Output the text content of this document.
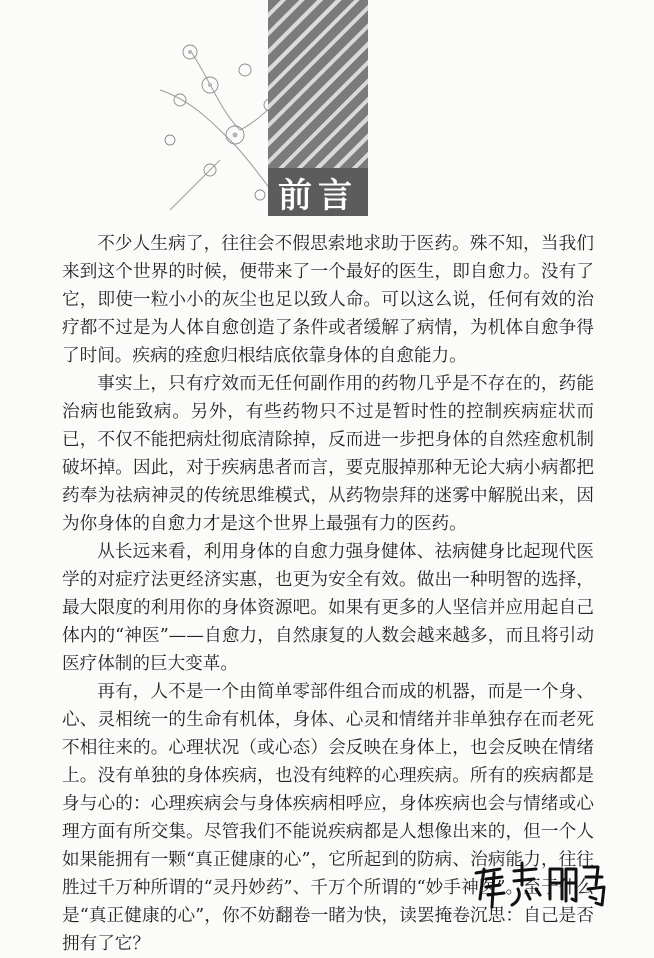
前言

不少人生病了，往往会不假思索地求助于医药。殊不知，当我们来到这个世界的时候，便带来了一个最好的医生，即自愈力。没有了它，即使一粒小小的灰尘也足以致人命。可以这么说，任何有效的治疗都不过是为人体自愈创造了条件或者缓解了病情，为机体自愈争得了时间。疾病的痊愈归根结底依靠身体的自愈能力。

事实上，只有疗效而无任何副作用的药物几乎是不存在的，药能治病也能致病。另外，有些药物只不过是暂时性的控制疾病症状而已，不仅不能把病灶彻底清除掉，反而进一步把身体的自然痊愈机制破坏掉。因此，对于疾病患者而言，要克服掉那种无论大病小病都把药奉为祛病神灵的传统思维模式，从药物崇拜的迷雾中解脱出来，因为你身体的自愈力才是这个世界上最强有力的医药。

从长远来看，利用身体的自愈力强身健体、祛病健身比起现代医学的对症疗法更经济实惠，也更为安全有效。做出一种明智的选择，最大限度的利用你的身体资源吧。如果有更多的人坚信并应用起自己体内的“神医”——自愈力，自然康复的人数会越来越多，而且将引动医疗体制的巨大变革。

再有，人不是一个由简单零部件组合而成的机器，而是一个身、心、灵相统一的生命有机体，身体、心灵和情绪并非单独存在而老死不相往来的。心理状况（或心态）会反映在身体上，也会反映在情绪上。没有单独的身体疾病，也没有纯粹的心理疾病。所有的疾病都是身与心的：心理疾病会与身体疾病相呼应，身体疾病也会与情绪或心理方面有所交集。尽管我们不能说疾病都是人想像出来的，但一个人如果能拥有一颗“真正健康的心”，它所起到的防病、治病能力，往往胜过千万种所谓的“灵丹妙药”、千万个所谓的“妙手神医”。至于什么是“真正健康的心”，你不妨翻卷一睹为快，读罢掩卷沉思：自己是否拥有了它？
